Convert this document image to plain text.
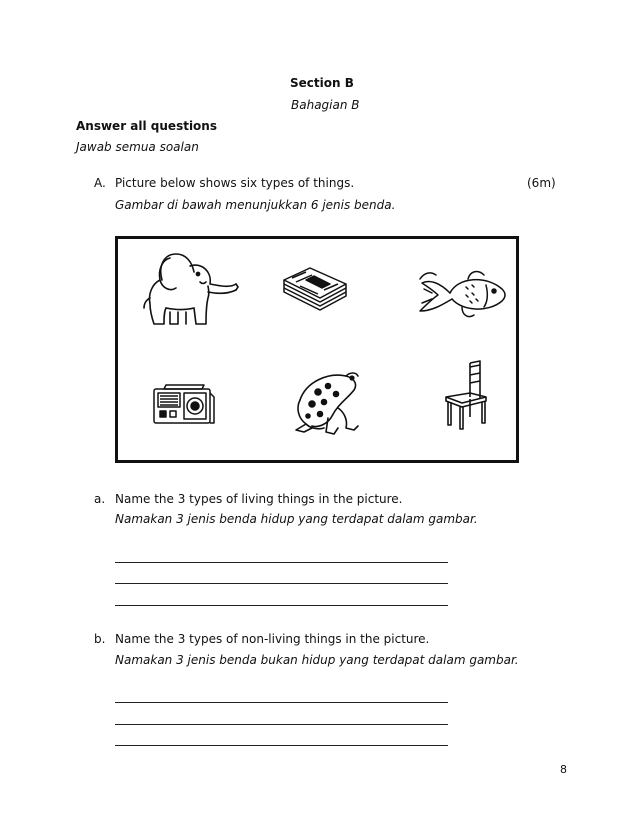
Section B
Bahagian B
Answer all questions
Jawab semua soalan
A. Picture below shows six types of things.	(6m)
Gambar di bawah menunjukkan 6 jenis benda.
a. Name the 3 types of living things in the picture.
Namakan 3 jenis benda hidup yang terdapat dalam gambar.
b. Name the 3 types of non-living things in the picture.
Namakan 3 jenis benda bukan hidup yang terdapat dalam gambar.
8
